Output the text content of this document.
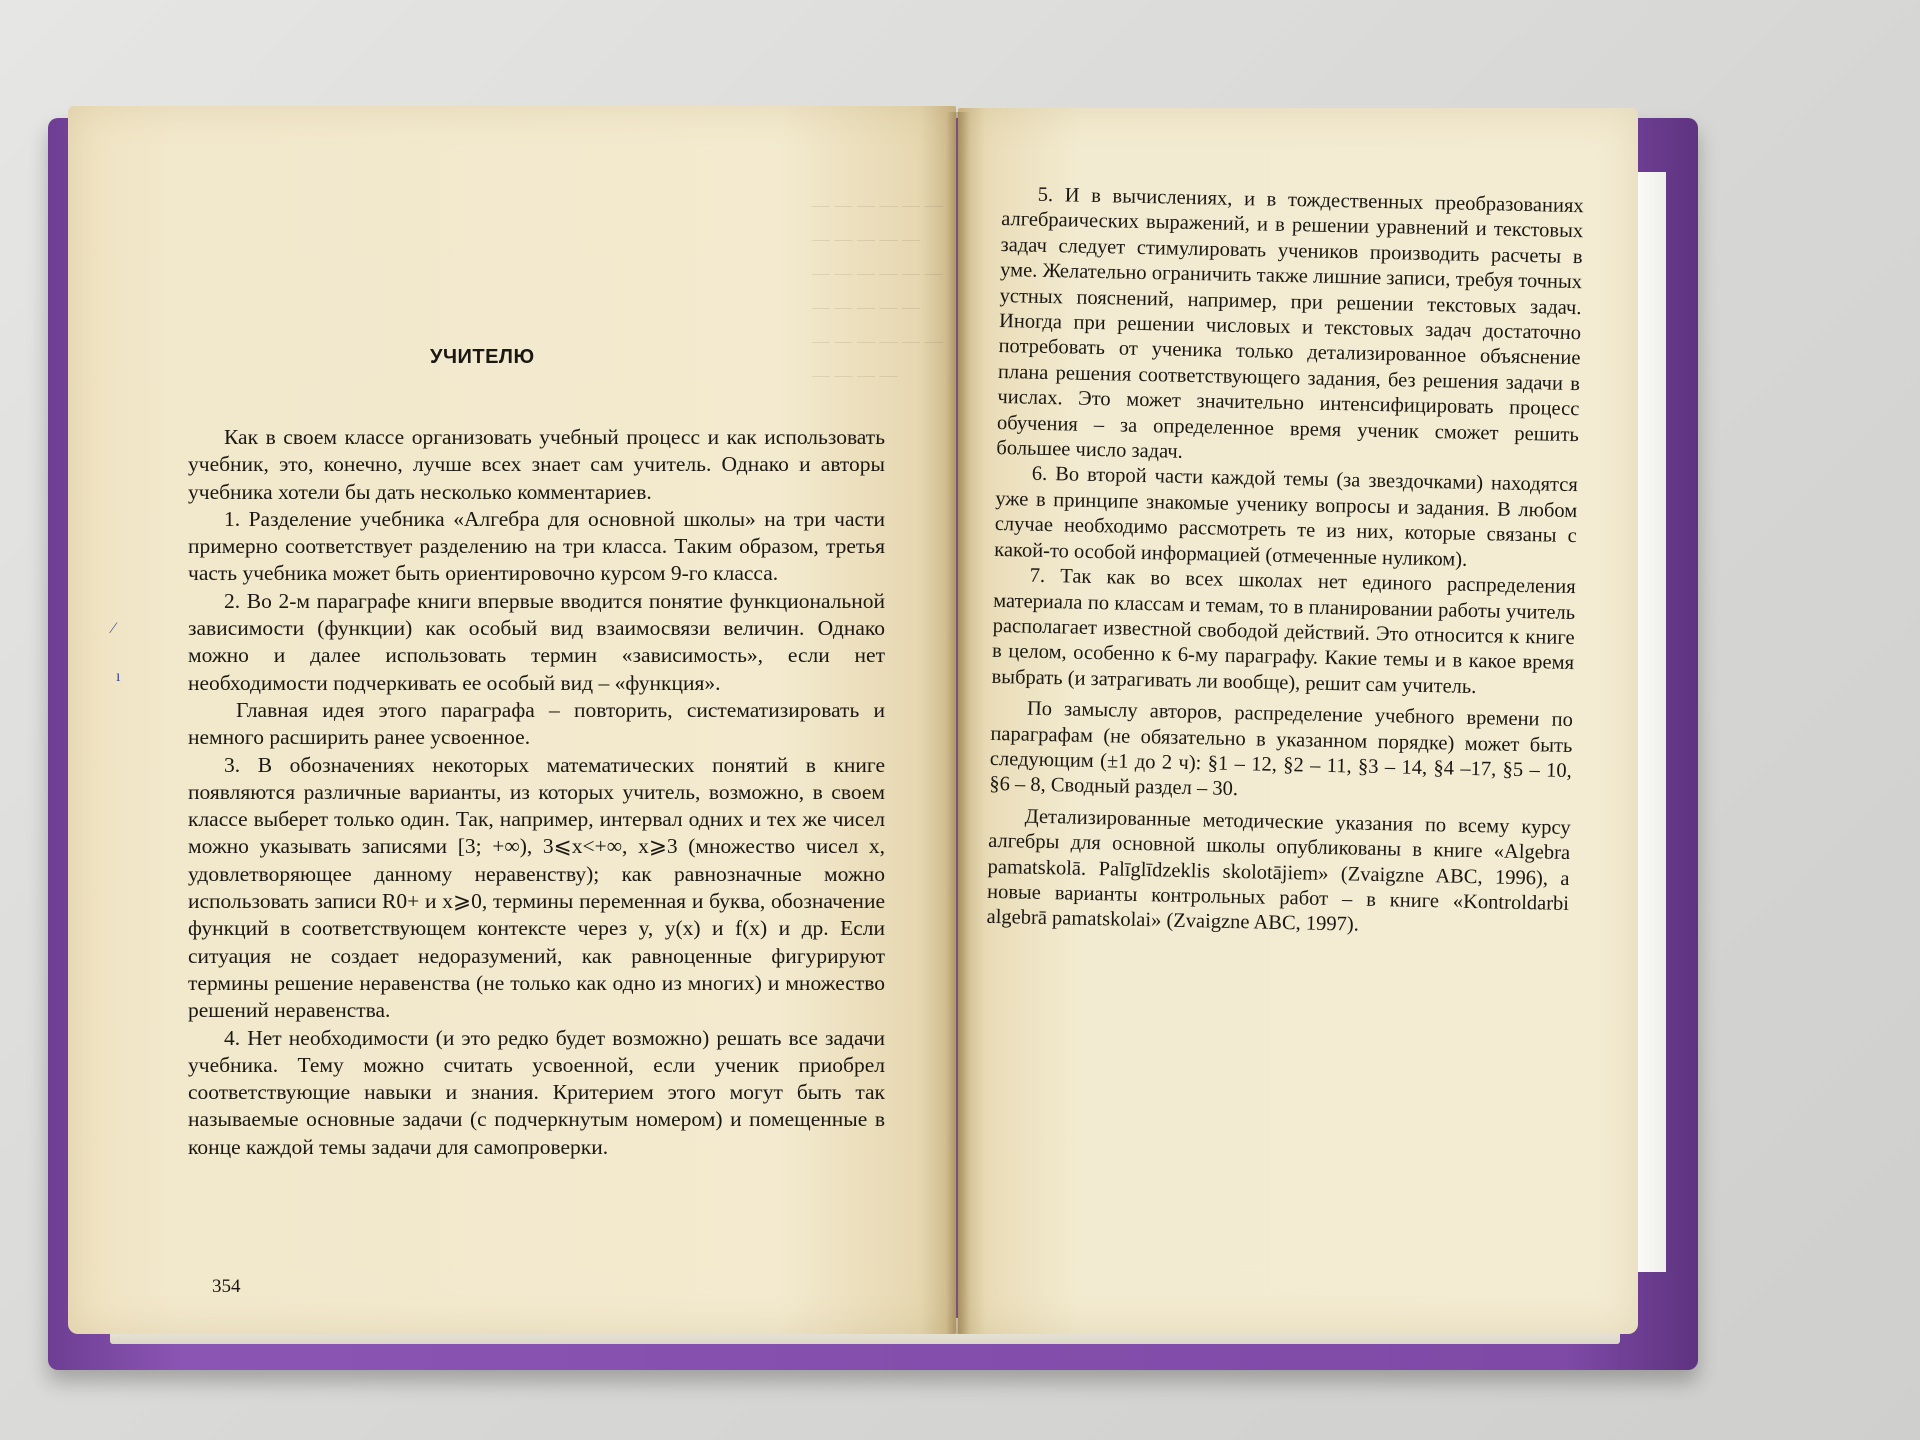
— — — — — —
— — — — —
— — — — — —
— — — — —
— — — — — —
— — — —
⁄
ı
УЧИТЕЛЮ

Как в своем классе организовать учебный процесс и как использовать учебник, это, конечно, лучше всех знает сам учитель. Однако и авторы учебника хотели бы дать несколько комментариев.

1. Разделение учебника «Алгебра для основной школы» на три части примерно соответствует разделению на три класса. Таким образом, третья часть учебника может быть ориентировочно курсом 9-го класса.

2. Во 2-м параграфе книги впервые вводится понятие функциональной зависимости (функции) как особый вид взаимосвязи величин. Однако можно и далее использовать термин «зависимость», если нет необходимости подчеркивать ее особый вид – «функция».

Главная идея этого параграфа – повторить, систематизировать и немного расширить ранее усвоенное.

3. В обозначениях некоторых математических понятий в книге появляются различные варианты, из которых учитель, возможно, в своем классе выберет только один. Так, например, интервал одних и тех же чисел можно указывать записями [3; +∞), 3⩽x<+∞, x⩾3 (множество чисел x, удовлетворяющее данному неравенству); как равнозначные можно использовать записи R0+ и x⩾0, термины переменная и буква, обозначение функций в соответствующем контексте через y, y(x) и f(x) и др. Если ситуация не создает недоразумений, как равноценные фигурируют термины решение неравенства (не только как одно из многих) и множество решений неравенства.

4. Нет необходимости (и это редко будет возможно) решать все задачи учебника. Тему можно считать усвоенной, если ученик приобрел соответствующие навыки и знания. Критерием этого могут быть так называемые основные задачи (с подчеркнутым номером) и помещенные в конце каждой темы задачи для самопроверки.

354

5. И в вычислениях, и в тождественных преобразованиях алгебраических выражений, и в решении уравнений и текстовых задач следует стимулировать учеников производить расчеты в уме. Желательно ограничить также лишние записи, требуя точных устных пояснений, например, при решении текстовых задач. Иногда при решении числовых и текстовых задач достаточно потребовать от ученика только детализированное объяснение плана решения соответствующего задания, без решения задачи в числах. Это может значительно интенсифицировать процесс обучения – за определенное время ученик сможет решить большее число задач.

6. Во второй части каждой темы (за звездочками) находятся уже в принципе знакомые ученику вопросы и задания. В любом случае необходимо рассмотреть те из них, которые связаны с какой-то особой информацией (отмеченные нуликом).

7. Так как во всех школах нет единого распределения материала по классам и темам, то в планировании работы учитель располагает известной свободой действий. Это относится к книге в целом, особенно к 6-му параграфу. Какие темы и в какое время выбрать (и затрагивать ли вообще), решит сам учитель.

По замыслу авторов, распределение учебного времени по параграфам (не обязательно в указанном порядке) может быть следующим (±1 до 2 ч): §1 – 12, §2 – 11, §3 – 14, §4 –17, §5 – 10, §6 – 8, Сводный раздел – 30.

Детализированные методические указания по всему курсу алгебры для основной школы опубликованы в книге «Algebra pamatskolā. Palīglīdzeklis skolotājiem» (Zvaigzne ABC, 1996), а новые варианты контрольных работ – в книге «Kontroldarbi algebrā pamatskolai» (Zvaigzne ABC, 1997).
